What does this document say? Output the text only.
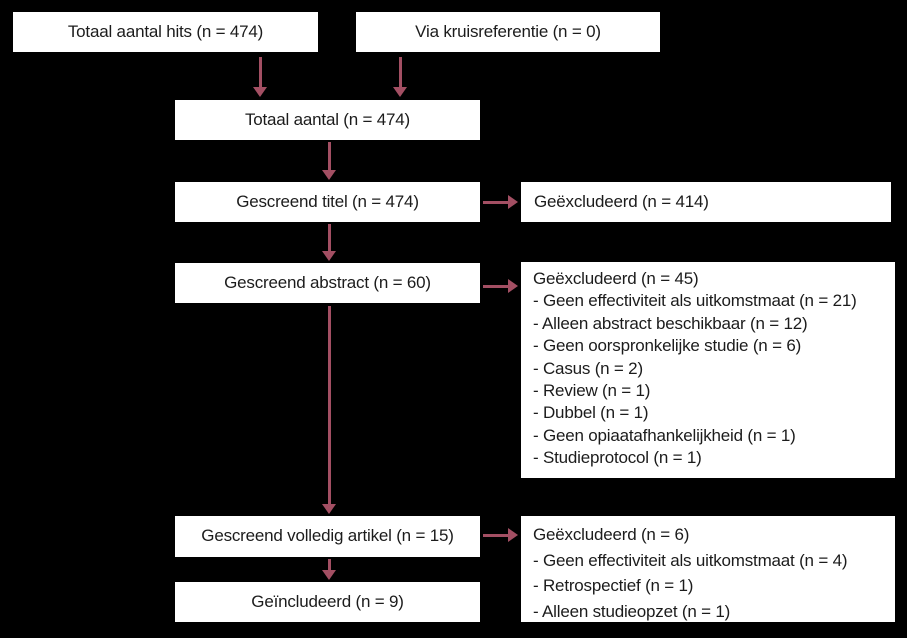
Totaal aantal hits (n = 474)	Via kruisreferentie (n = 0)
Totaal aantal (n = 474)
Gescreend titel (n = 474)	Geëxcludeerd (n = 414)
Gescreend abstract (n = 60)	Geëxcludeerd (n = 45)
- Geen effectiviteit als uitkomstmaat (n = 21)
- Alleen abstract beschikbaar (n = 12)
- Geen oorspronkelijke studie (n = 6)
- Casus (n = 2)
- Review (n = 1)
- Dubbel (n = 1)
- Geen opiaatafhankelijkheid (n = 1)
- Studieprotocol (n = 1)
Gescreend volledig artikel (n = 15)	Geëxcludeerd (n = 6)
- Geen effectiviteit als uitkomstmaat (n = 4)
- Retrospectief (n = 1)
- Alleen studieopzet (n = 1)
Geïncludeerd (n = 9)
